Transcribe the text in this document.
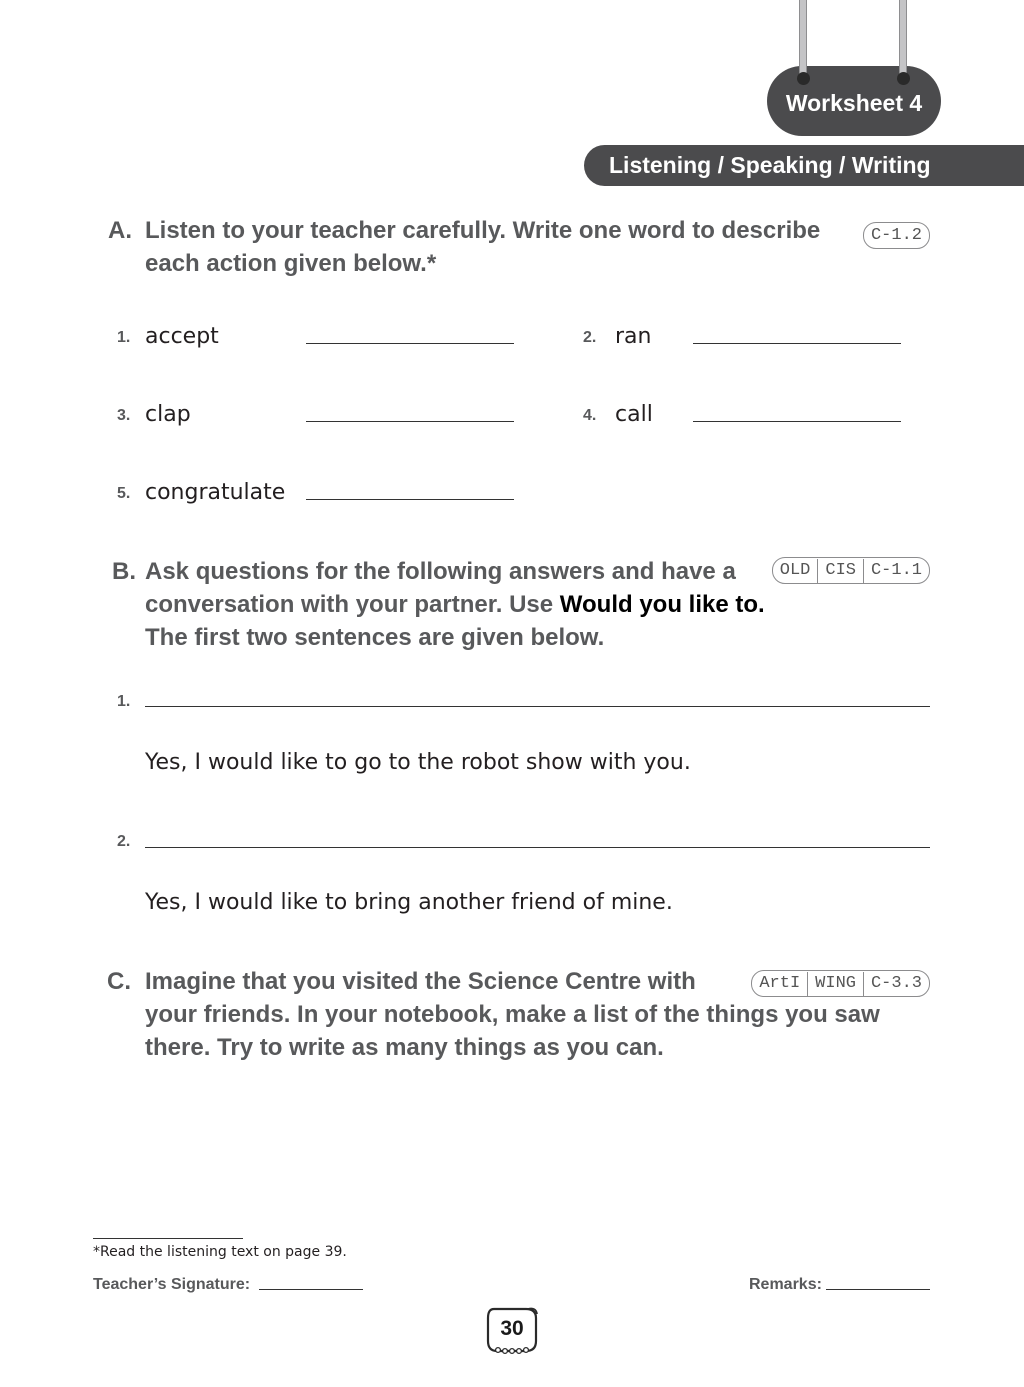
Worksheet 4
Listening / Speaking / Writing
A. Listen to your teacher carefully. Write one word to describe
each action given below.*
C-1.2
1. accept	2. ran
3. clap	4. call
5. congratulate
B. Ask questions for the following answers and have a
conversation with your partner. Use Would you like to.
The first two sentences are given below.
OLD CIS C-1.1
1.
Yes, I would like to go to the robot show with you.
2.
Yes, I would like to bring another friend of mine.
C. Imagine that you visited the Science Centre with
your friends. In your notebook, make a list of the things you saw
there. Try to write as many things as you can.
ArtI WING C-3.3
*Read the listening text on page 39.
Teacher’s Signature:	Remarks:
30
